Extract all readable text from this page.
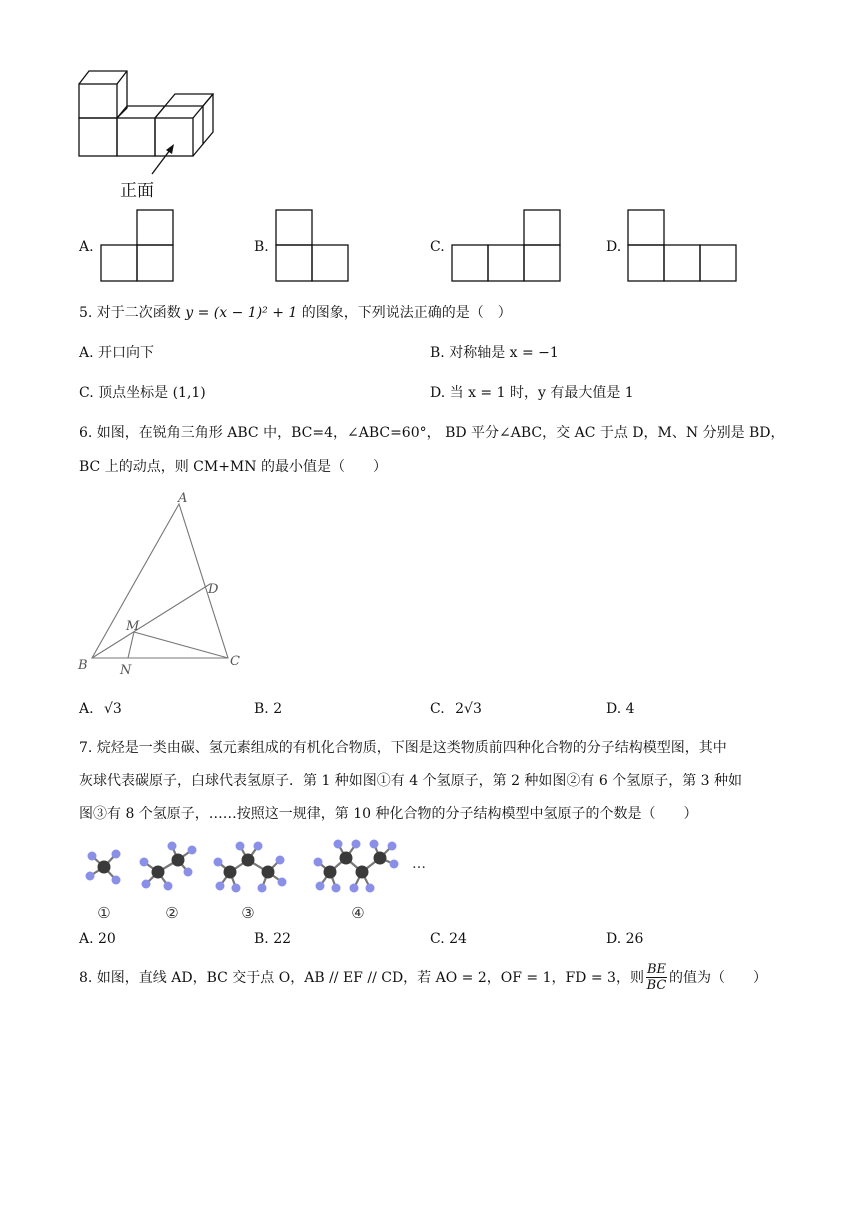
正面
A.	B.	C.	D.
5. 对于二次函数 y = (x − 1)² + 1 的图象，下列说法正确的是（　）
A. 开口向下	B. 对称轴是 x = −1
C. 顶点坐标是 (1,1)	D. 当 x = 1 时，y 有最大值是 1
6. 如图，在锐角三角形 ABC 中，BC=4，∠ABC=60°， BD 平分∠ABC，交 AC 于点 D，M、N 分别是 BD，
BC 上的动点，则 CM+MN 的最小值是（　　）
A
B	C
D
M
N
A. √3	B. 2	C. 2√3	D. 4
7. 烷烃是一类由碳、氢元素组成的有机化合物质，下图是这类物质前四种化合物的分子结构模型图，其中
灰球代表碳原子，白球代表氢原子．第 1 种如图①有 4 个氢原子，第 2 种如图②有 6 个氢原子，第 3 种如
图③有 8 个氢原子，……按照这一规律，第 10 种化合物的分子结构模型中氢原子的个数是（　　）
①	②	③	④
…
A. 20	B. 22	C. 24	D. 26
8. 如图，直线 AD，BC 交于点 O，AB // EF // CD，若 AO = 2，OF = 1，FD = 3，则 $\frac{BE}{BC}$ 的值为（　　）
